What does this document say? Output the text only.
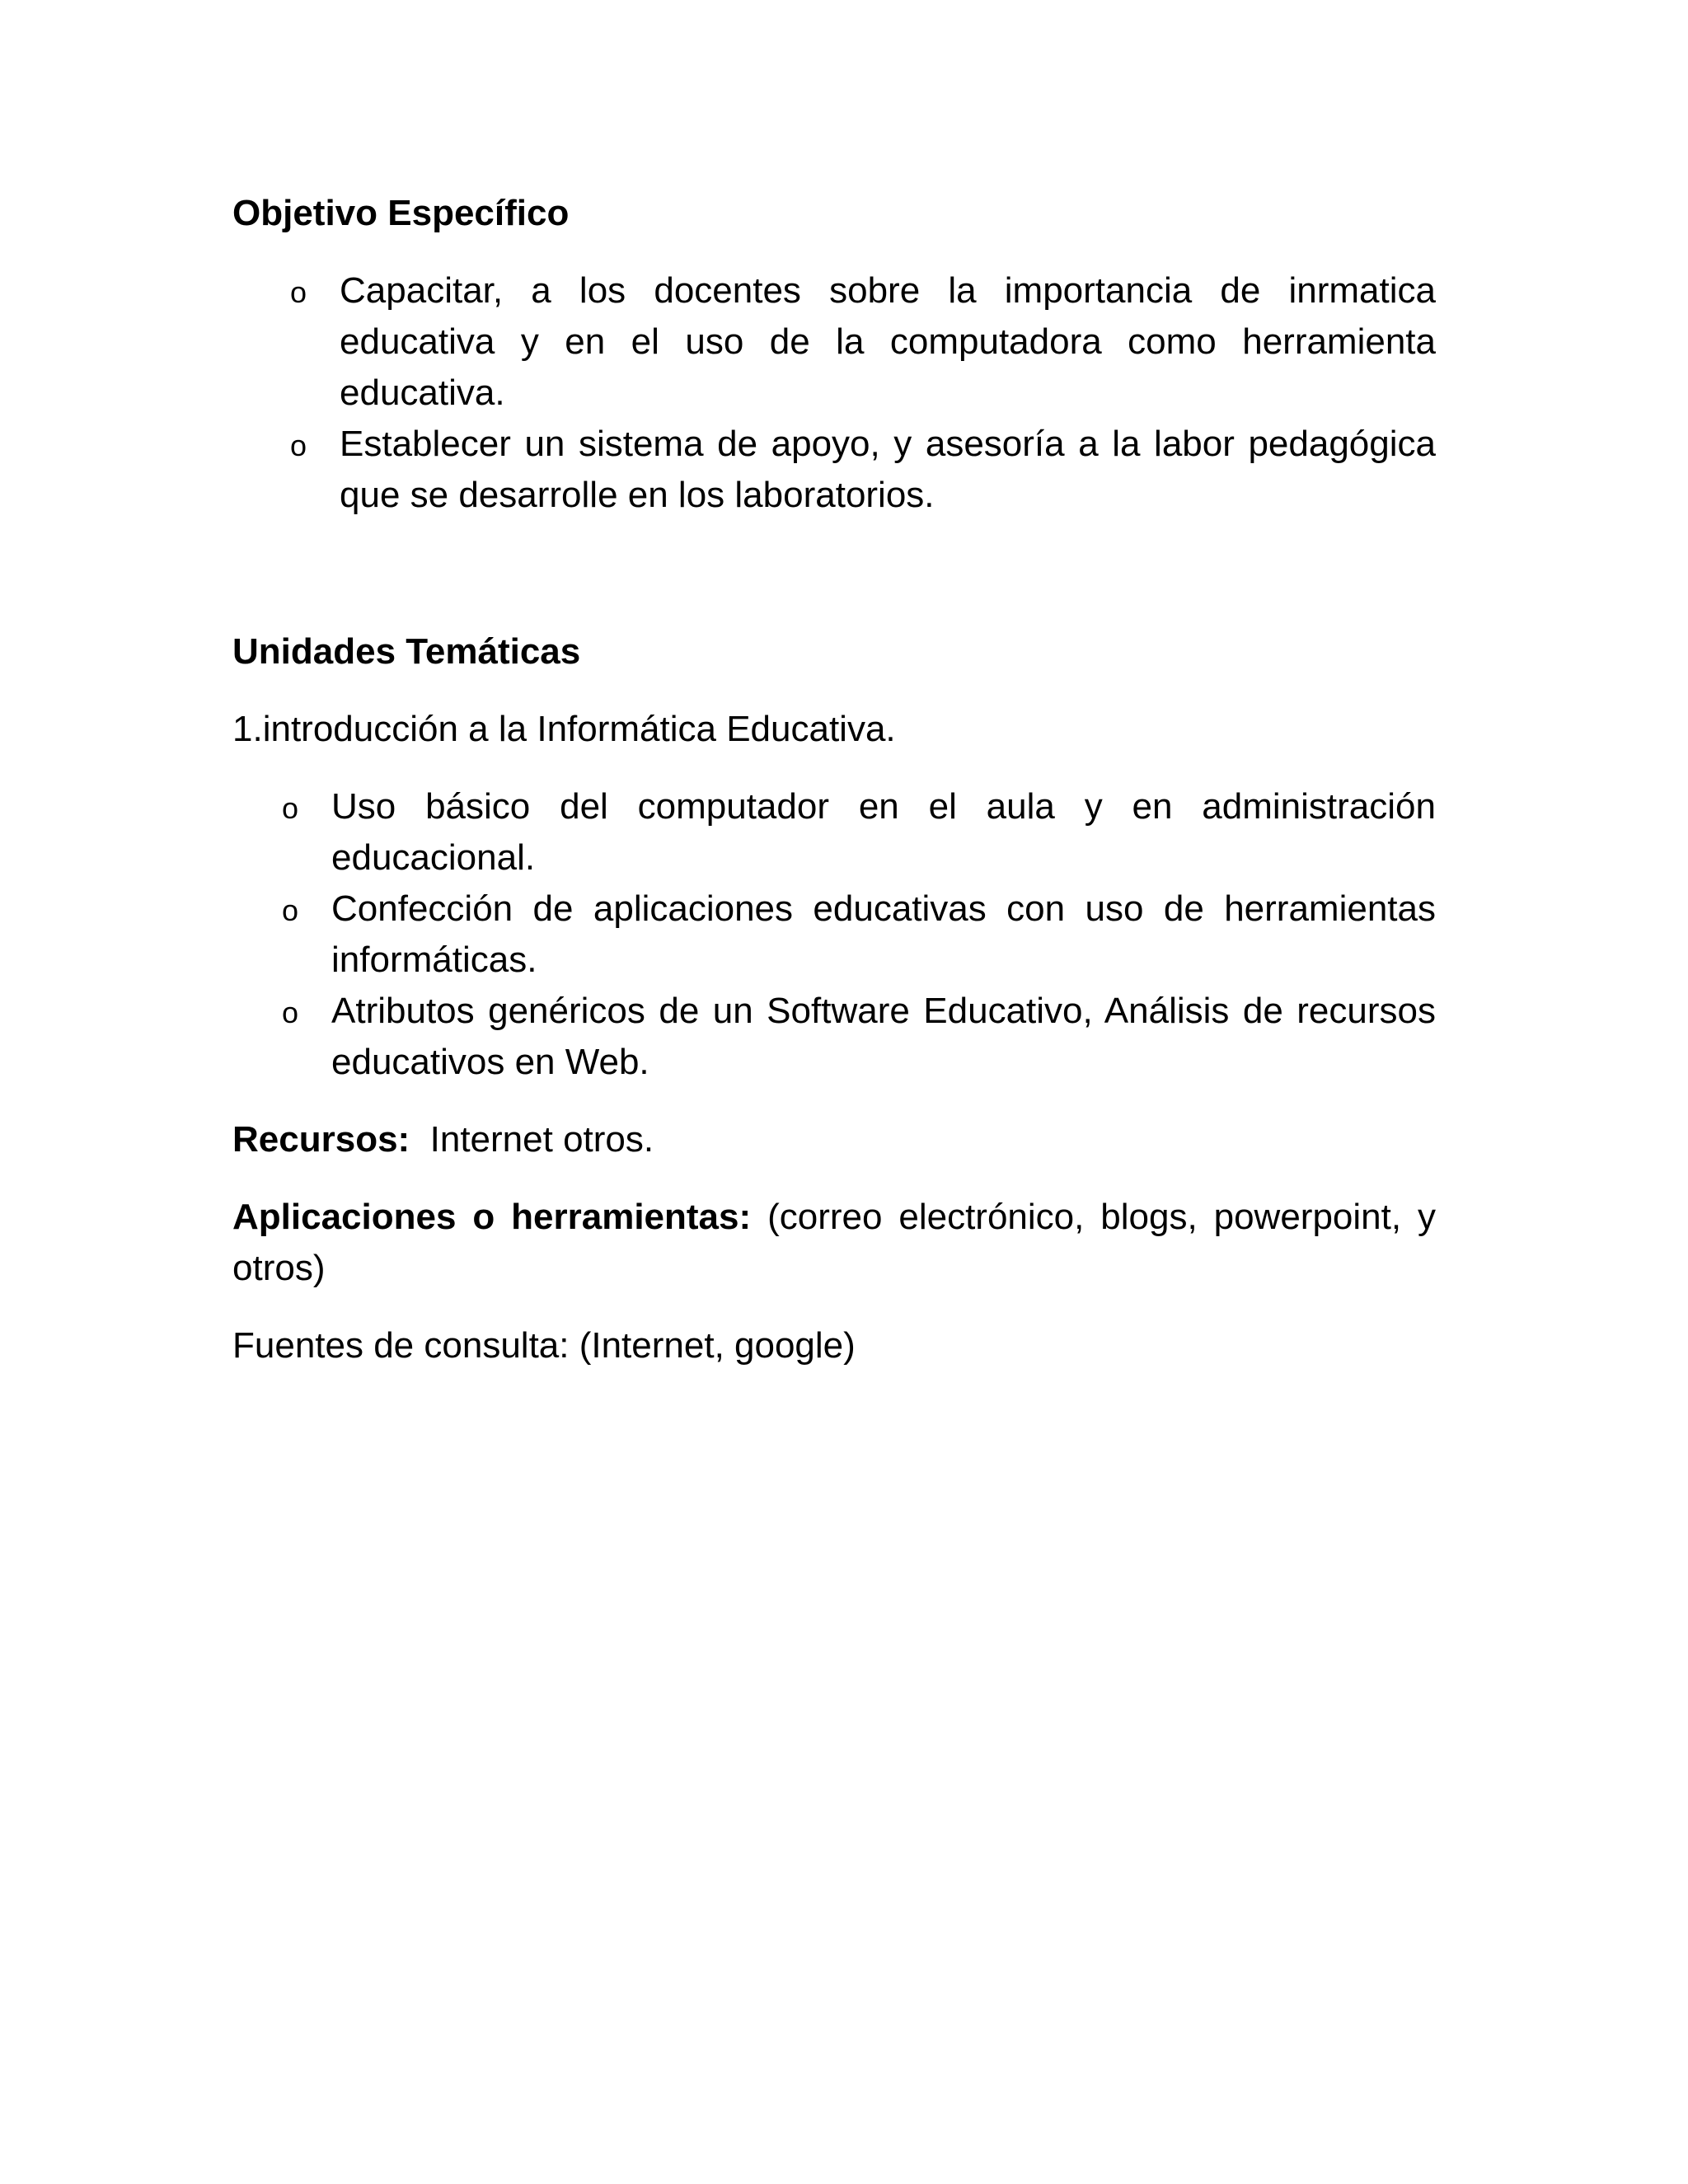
Objetivo Específico

o Capacitar, a los docentes sobre la importancia de inrmatica educativa y en el uso de la computadora como herramienta educativa.
o Establecer un sistema de apoyo, y asesoría a la labor pedagógica que se desarrolle en los laboratorios.

Unidades Temáticas

1.introducción a la Informática Educativa.

o Uso básico del computador en el aula y en administración educacional.
o Confección de aplicaciones educativas con uso de herramientas informáticas.
o Atributos genéricos de un Software Educativo, Análisis de recursos educativos en Web.

Recursos: Internet otros.

Aplicaciones o herramientas: (correo electrónico, blogs, powerpoint, y otros)

Fuentes de consulta: (Internet, google)
